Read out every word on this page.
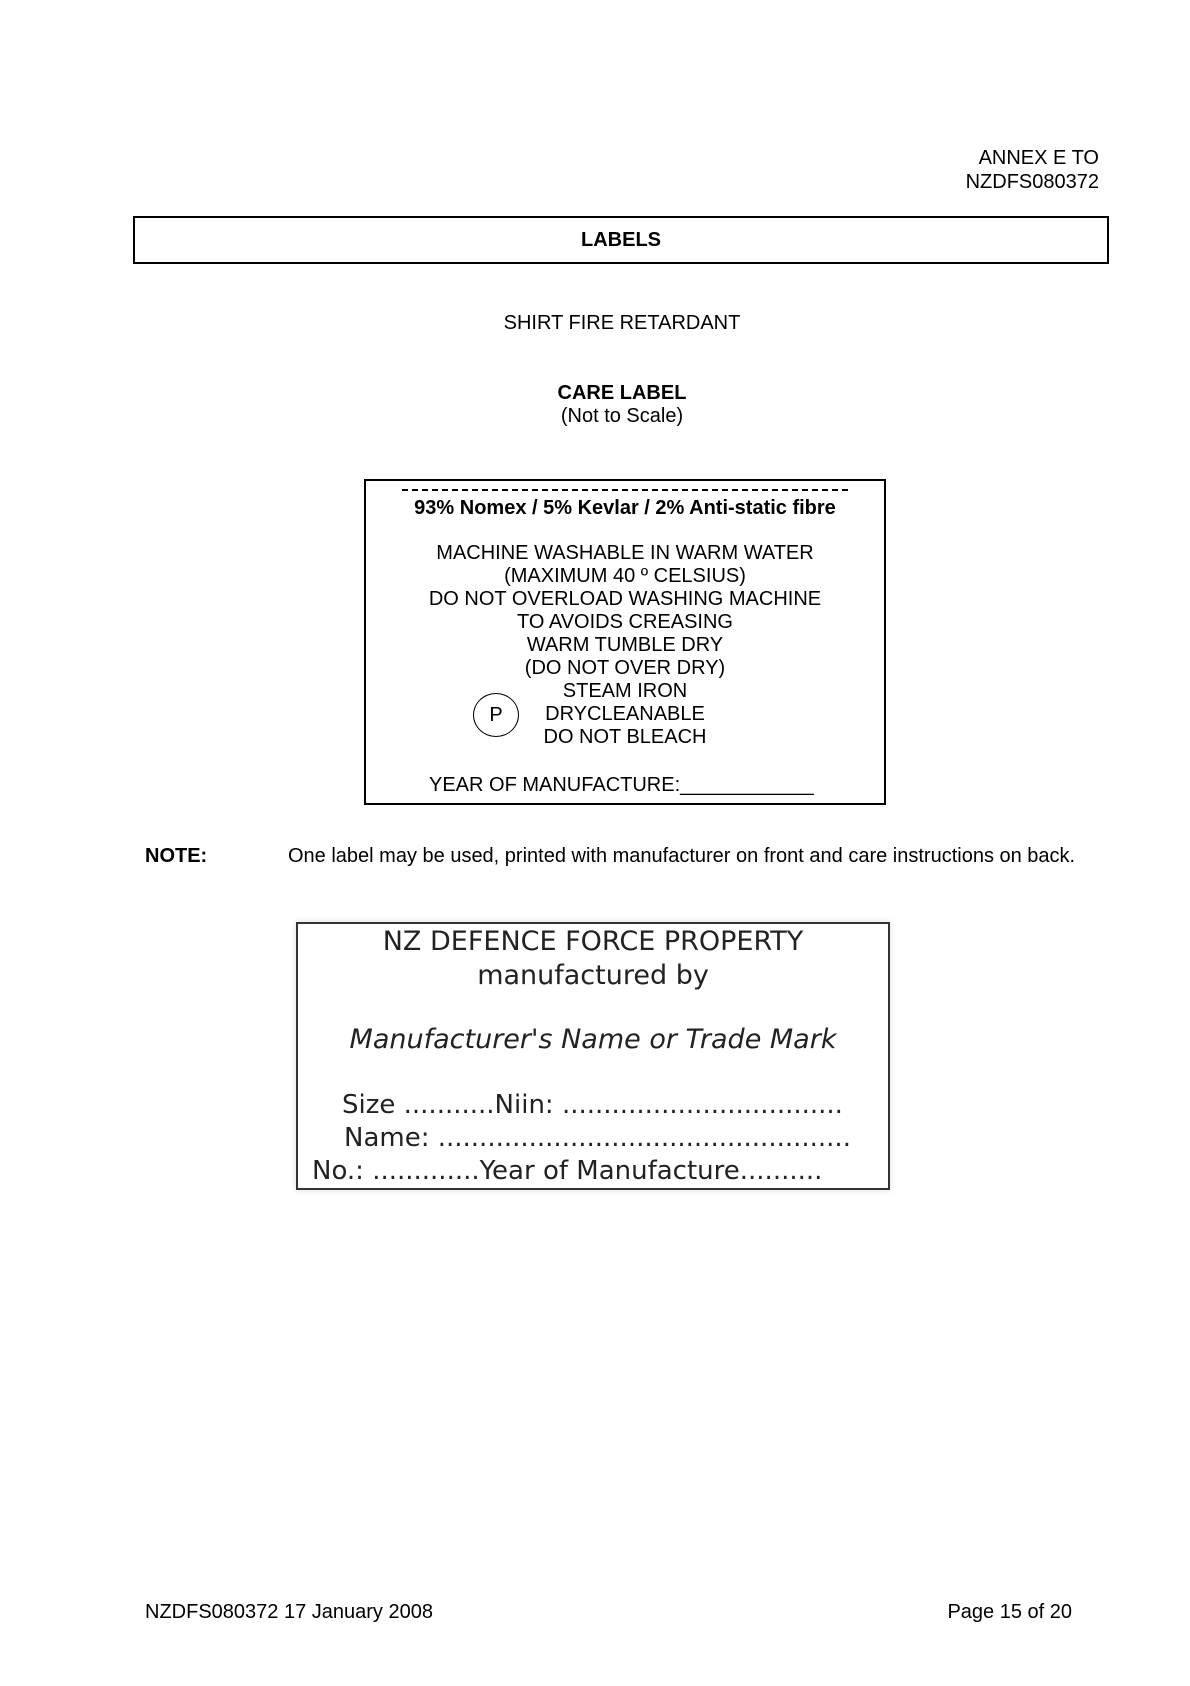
ANNEX E TO
NZDFS080372
LABELS
SHIRT FIRE RETARDANT
CARE LABEL
(Not to Scale)
93% Nomex / 5% Kevlar / 2% Anti-static fibre
MACHINE WASHABLE IN WARM WATER
(MAXIMUM 40 º CELSIUS)
DO NOT OVERLOAD WASHING MACHINE
TO AVOIDS CREASING
WARM TUMBLE DRY
(DO NOT OVER DRY)
STEAM IRON
DRYCLEANABLE
DO NOT BLEACH
P
YEAR OF MANUFACTURE:____________
NOTE:	One label may be used, printed with manufacturer on front and care instructions on back.
NZ DEFENCE FORCE PROPERTY
manufactured by
Manufacturer's Name or Trade Mark
Size ...........Niin: ..................................
Name: ..................................................
No.: .............Year of Manufacture..........
NZDFS080372 17 January 2008	Page 15 of 20
